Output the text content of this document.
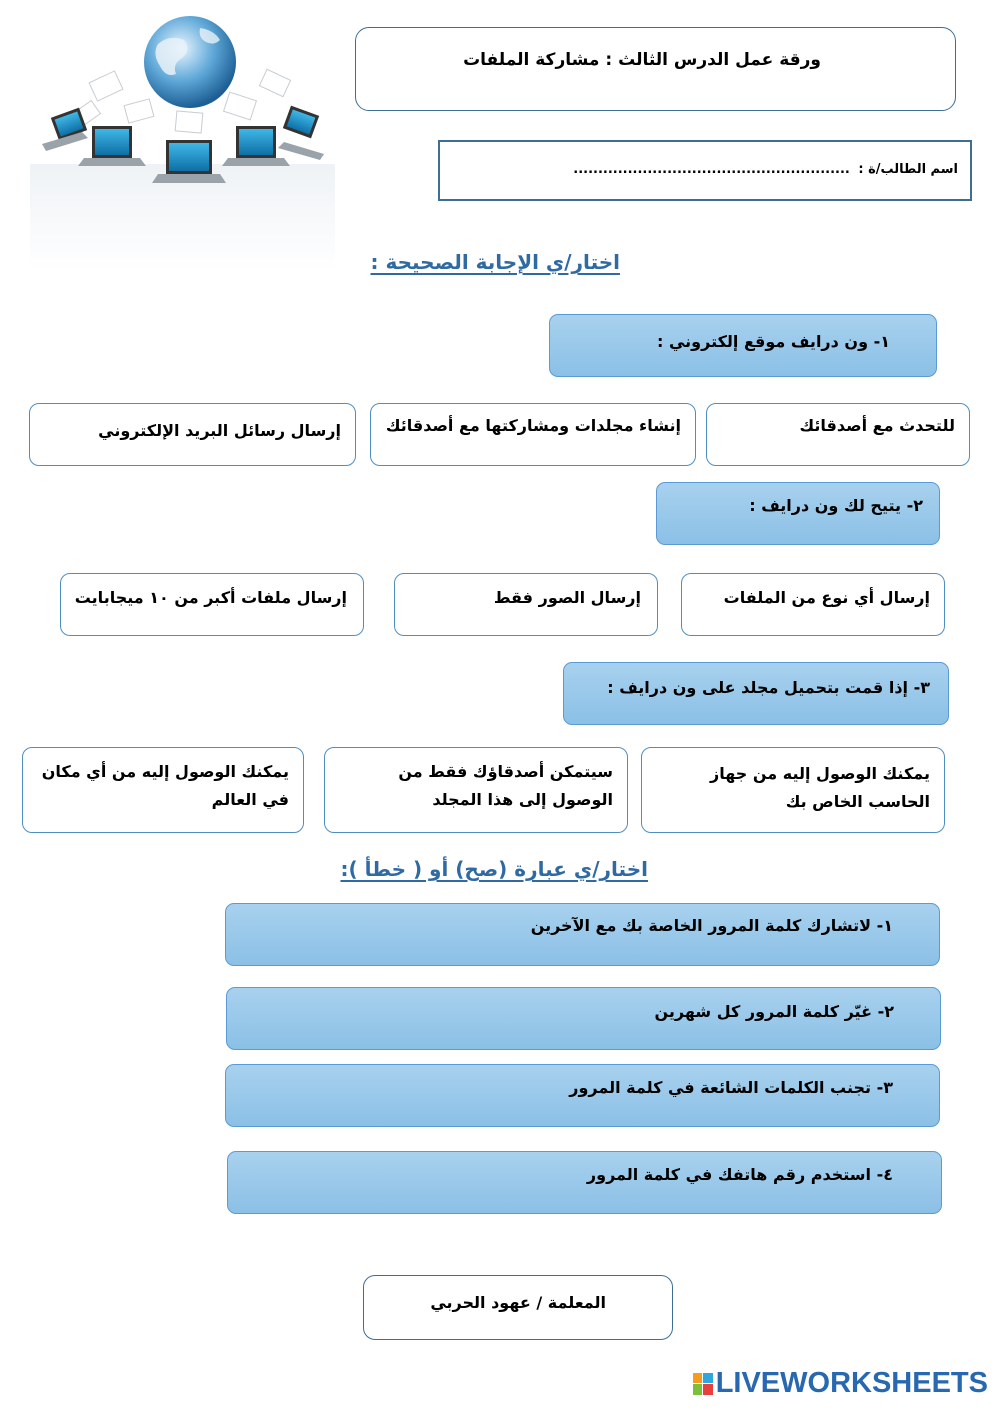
ورقة عمل الدرس الثالث : مشاركة الملفات
اسم الطالب/ة : ........................................................
اختار/ي الإجابة الصحيحة :
١- ون درايف موقع إلكتروني :
للتحدث مع أصدقائك
إنشاء مجلدات ومشاركتها مع أصدقائك
إرسال رسائل البريد الإلكتروني
٢- يتيح لك ون درايف :
إرسال أي نوع من الملفات
إرسال الصور فقط
إرسال ملفات أكبر من ١٠ ميجابايت
٣- إذا قمت بتحميل مجلد على ون درايف :
يمكنك الوصول إليه من جهاز الحاسب الخاص بك
سيتمكن أصدقاؤك فقط من الوصول إلى هذا المجلد
يمكنك الوصول إليه من أي مكان في العالم
اختار/ي عبارة (صح) أو ( خطأ ):
١- لاتشارك كلمة المرور الخاصة بك مع الآخرين
٢- غيّر كلمة المرور كل شهرين
٣- تجنب الكلمات الشائعة في كلمة المرور
٤- استخدم رقم هاتفك في كلمة المرور
المعلمة / عهود الحربي
LIVEWORKSHEETS
